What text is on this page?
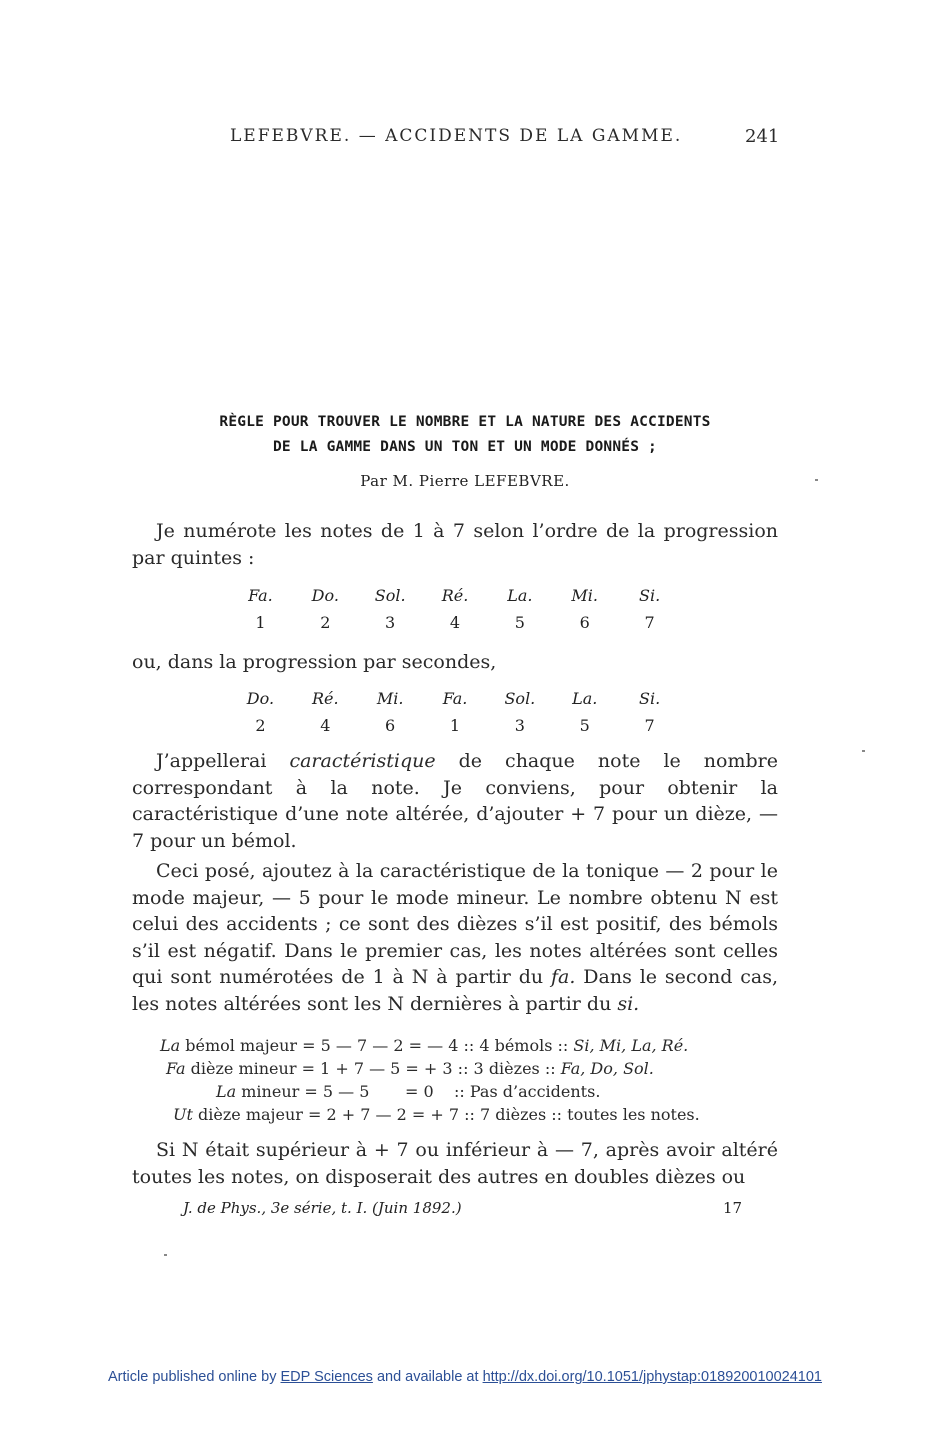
LEFEBVRE. — ACCIDENTS DE LA GAMME.	241
RÈGLE POUR TROUVER LE NOMBRE ET LA NATURE DES ACCIDENTS
DE LA GAMME DANS UN TON ET UN MODE DONNÉS ;
Par M. Pierre LEFEBVRE.
Je numérote les notes de 1 à 7 selon l’ordre de la progression par quintes :
Fa.	Do.	Sol.	Ré.	La.	Mi.	Si.
1	2	3	4	5	6	7
ou, dans la progression par secondes,
Do.	Ré.	Mi.	Fa.	Sol.	La.	Si.
2	4	6	1	3	5	7
J’appellerai caractéristique de chaque note le nombre correspondant à la note. Je conviens, pour obtenir la caractéristique d’une note altérée, d’ajouter + 7 pour un dièze, — 7 pour un bémol.
Ceci posé, ajoutez à la caractéristique de la tonique — 2 pour le mode majeur, — 5 pour le mode mineur. Le nombre obtenu N est celui des accidents ; ce sont des dièzes s’il est positif, des bémols s’il est négatif. Dans le premier cas, les notes altérées sont celles qui sont numérotées de 1 à N à partir du fa. Dans le second cas, les notes altérées sont les N dernières à partir du si.
La bémol majeur = 5 — 7 — 2 = — 4 :: 4 bémols :: Si, Mi, La, Ré.
Fa dièze mineur = 1 + 7 — 5 = + 3 :: 3 dièzes :: Fa, Do, Sol.
La mineur = 5 — 5       = 0    :: Pas d’accidents.
Ut dièze majeur = 2 + 7 — 2 = + 7 :: 7 dièzes :: toutes les notes.
Si N était supérieur à + 7 ou inférieur à — 7, après avoir altéré toutes les notes, on disposerait des autres en doubles dièzes ou
J. de Phys., 3e série, t. I. (Juin 1892.)	17
Article published online by EDP Sciences and available at http://dx.doi.org/10.1051/jphystap:018920010024101
